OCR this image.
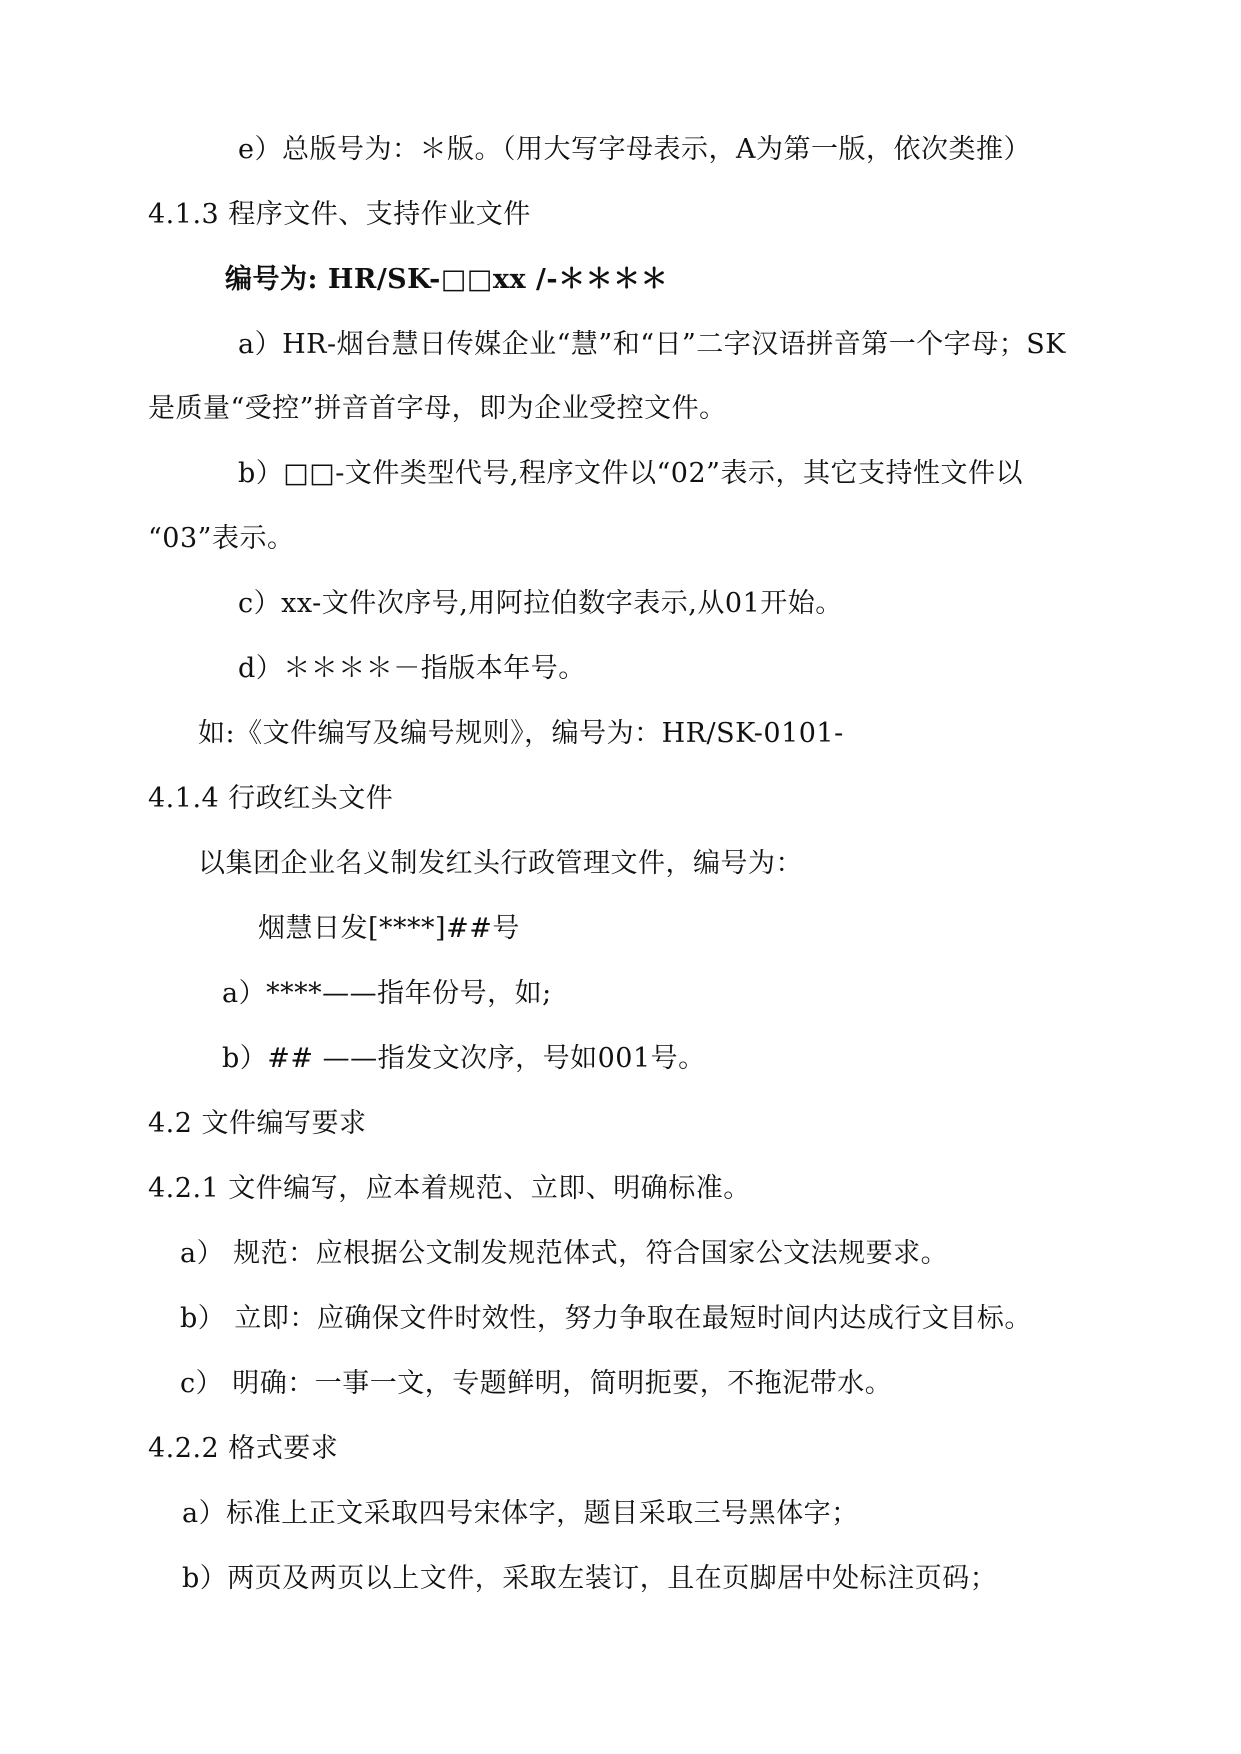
e）总版号为：＊版。（用大写字母表示，A为第一版，依次类推）
4.1.3 程序文件、支持作业文件
编号为: HR/SK-□□xx /-＊＊＊＊
a）HR-烟台慧日传媒企业“慧”和“日”二字汉语拼音第一个字母；SK
是质量“受控”拼音首字母，即为企业受控文件。
b）□□-文件类型代号,程序文件以“02”表示，其它支持性文件以
“03”表示。
c）xx-文件次序号,用阿拉伯数字表示,从01开始。
d）＊＊＊＊－指版本年号。
如:《文件编写及编号规则》，编号为：HR/SK-0101-
4.1.4 行政红头文件
以集团企业名义制发红头行政管理文件，编号为：
烟慧日发[****]##号
a）****——指年份号，如;
b）## ——指发文次序，号如001号。
4.2 文件编写要求
4.2.1 文件编写，应本着规范、立即、明确标准。
a） 规范：应根据公文制发规范体式，符合国家公文法规要求。
b） 立即：应确保文件时效性，努力争取在最短时间内达成行文目标。
c） 明确：一事一文，专题鲜明，简明扼要，不拖泥带水。
4.2.2 格式要求
a）标准上正文采取四号宋体字，题目采取三号黑体字；
b）两页及两页以上文件，采取左装订，且在页脚居中处标注页码；
